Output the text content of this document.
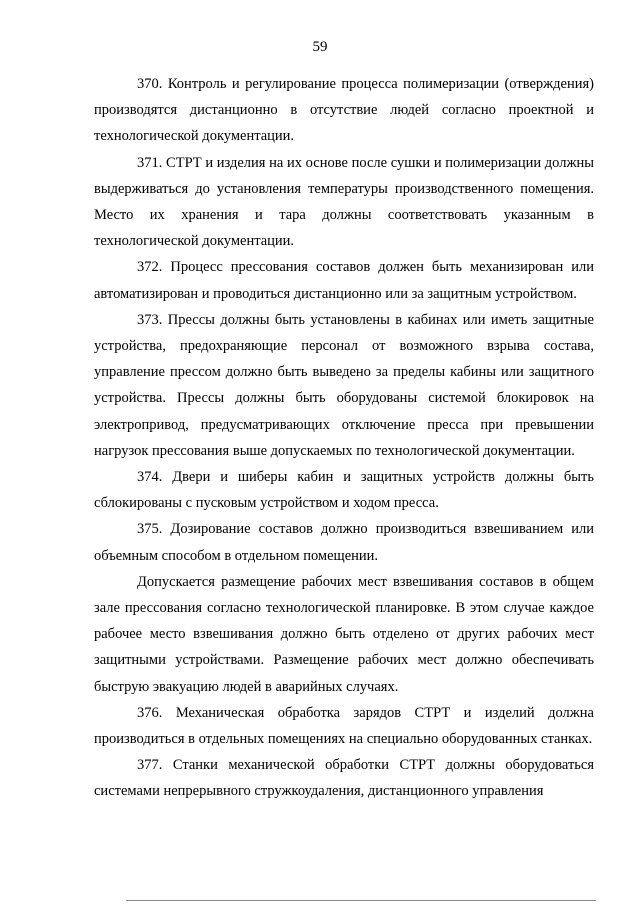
59

370. Контроль и регулирование процесса полимеризации (отверждения) производятся дистанционно в отсутствие людей согласно проектной и технологической документации.

371. СТРТ и изделия на их основе после сушки и полимеризации должны выдерживаться до установления температуры производственного помещения. Место их хранения и тара должны соответствовать указанным в технологической документации.

372. Процесс прессования составов должен быть механизирован или автоматизирован и проводиться дистанционно или за защитным устройством.

373. Прессы должны быть установлены в кабинах или иметь защитные устройства, предохраняющие персонал от возможного взрыва состава, управление прессом должно быть выведено за пределы кабины или защитного устройства. Прессы должны быть оборудованы системой блокировок на электропривод, предусматривающих отключение пресса при превышении нагрузок прессования выше допускаемых по технологической документации.

374. Двери и шиберы кабин и защитных устройств должны быть сблокированы с пусковым устройством и ходом пресса.

375. Дозирование составов должно производиться взвешиванием или объемным способом в отдельном помещении.

Допускается размещение рабочих мест взвешивания составов в общем зале прессования согласно технологической планировке. В этом случае каждое рабочее место взвешивания должно быть отделено от других рабочих мест защитными устройствами. Размещение рабочих мест должно обеспечивать быструю эвакуацию людей в аварийных случаях.

376. Механическая обработка зарядов СТРТ и изделий должна производиться в отдельных помещениях на специально оборудованных станках.

377. Станки механической обработки СТРТ должны оборудоваться системами непрерывного стружкоудаления, дистанционного управления
